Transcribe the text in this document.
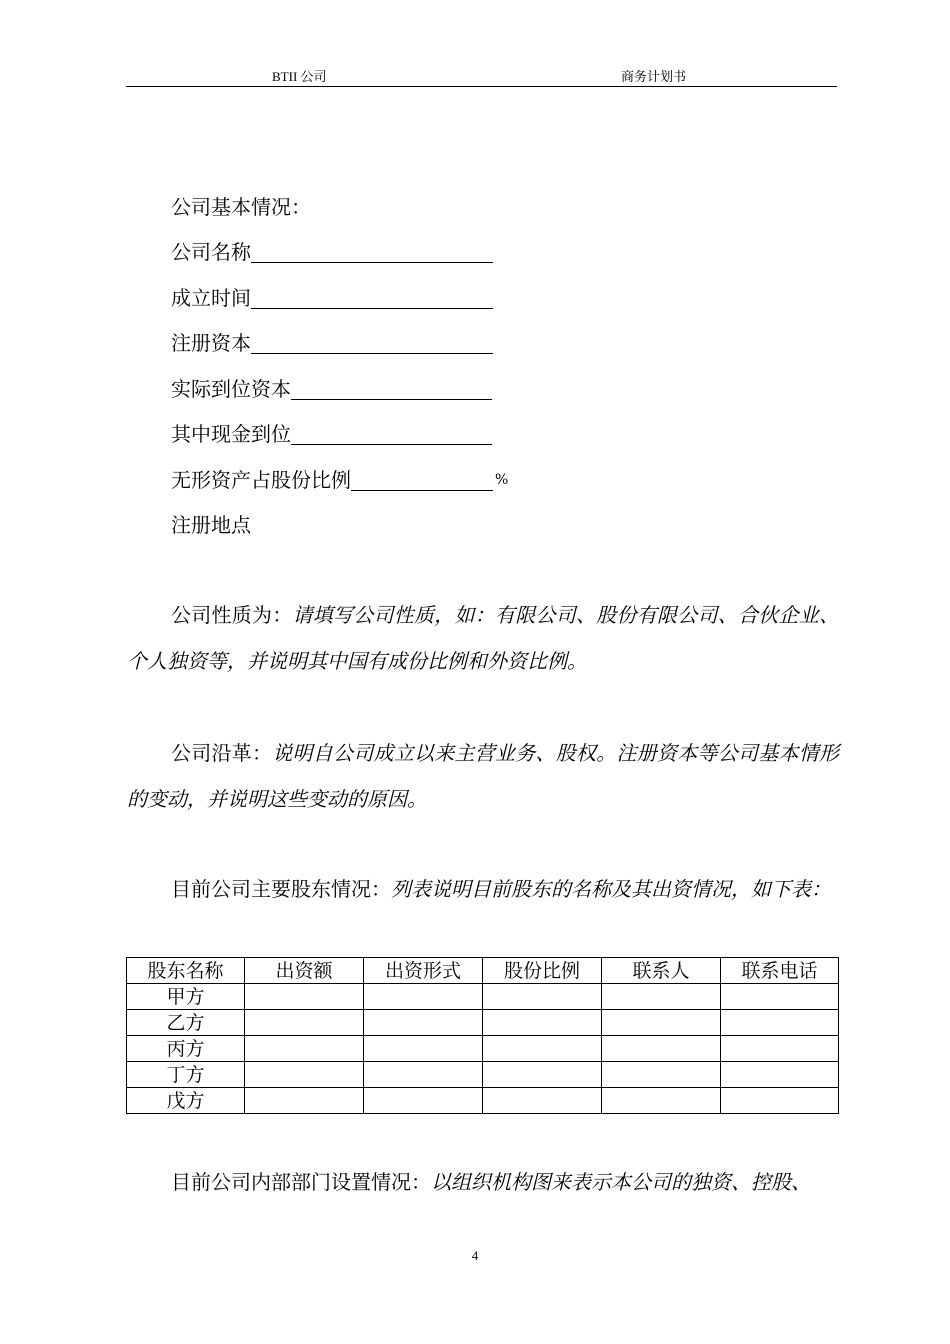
BTII 公司	商务计划书
公司基本情况：
公司名称
成立时间
注册资本
实际到位资本
其中现金到位
无形资产占股份比例	%
注册地点
公司性质为：请填写公司性质，如：有限公司、股份有限公司、合伙企业、个人独资等，并说明其中国有成份比例和外资比例。
公司沿革：说明自公司成立以来主营业务、股权。注册资本等公司基本情形的变动，并说明这些变动的原因。
目前公司主要股东情况：列表说明目前股东的名称及其出资情况，如下表：
股东名称	出资额	出资形式	股份比例	联系人	联系电话
甲方					
乙方					
丙方					
丁方					
戊方					
目前公司内部部门设置情况：以组织机构图来表示本公司的独资、控股、
4
